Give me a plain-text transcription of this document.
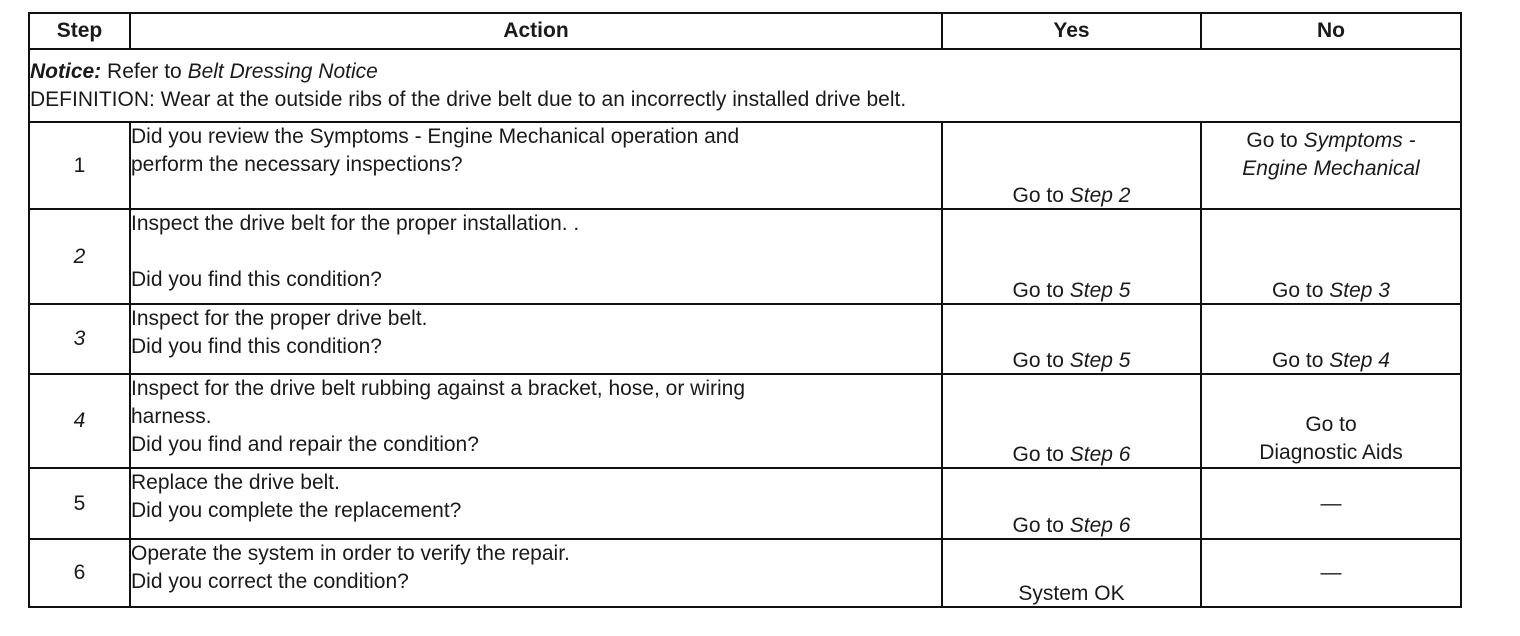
Step	Action	Yes	No

Notice: Refer to Belt Dressing Notice
DEFINITION: Wear at the outside ribs of the drive belt due to an incorrectly installed drive belt.			

1	Did you review the Symptoms - Engine Mechanical operation and
perform the necessary inspections?	Go to Step 2	Go to Symptoms -
Engine Mechanical

2	Inspect the drive belt for the proper installation. .
Did you find this condition?	Go to Step 5	Go to Step 3
3	Inspect for the proper drive belt.
Did you find this condition?	Go to Step 5	Go to Step 4
4	Inspect for the drive belt rubbing against a bracket, hose, or wiring
harness.
Did you find and repair the condition?	Go to Step 6	Go to
Diagnostic Aids

5	Replace the drive belt.
Did you complete the replacement?	Go to Step 6	—
6	Operate the system in order to verify the repair.
Did you correct the condition?	System OK	—
